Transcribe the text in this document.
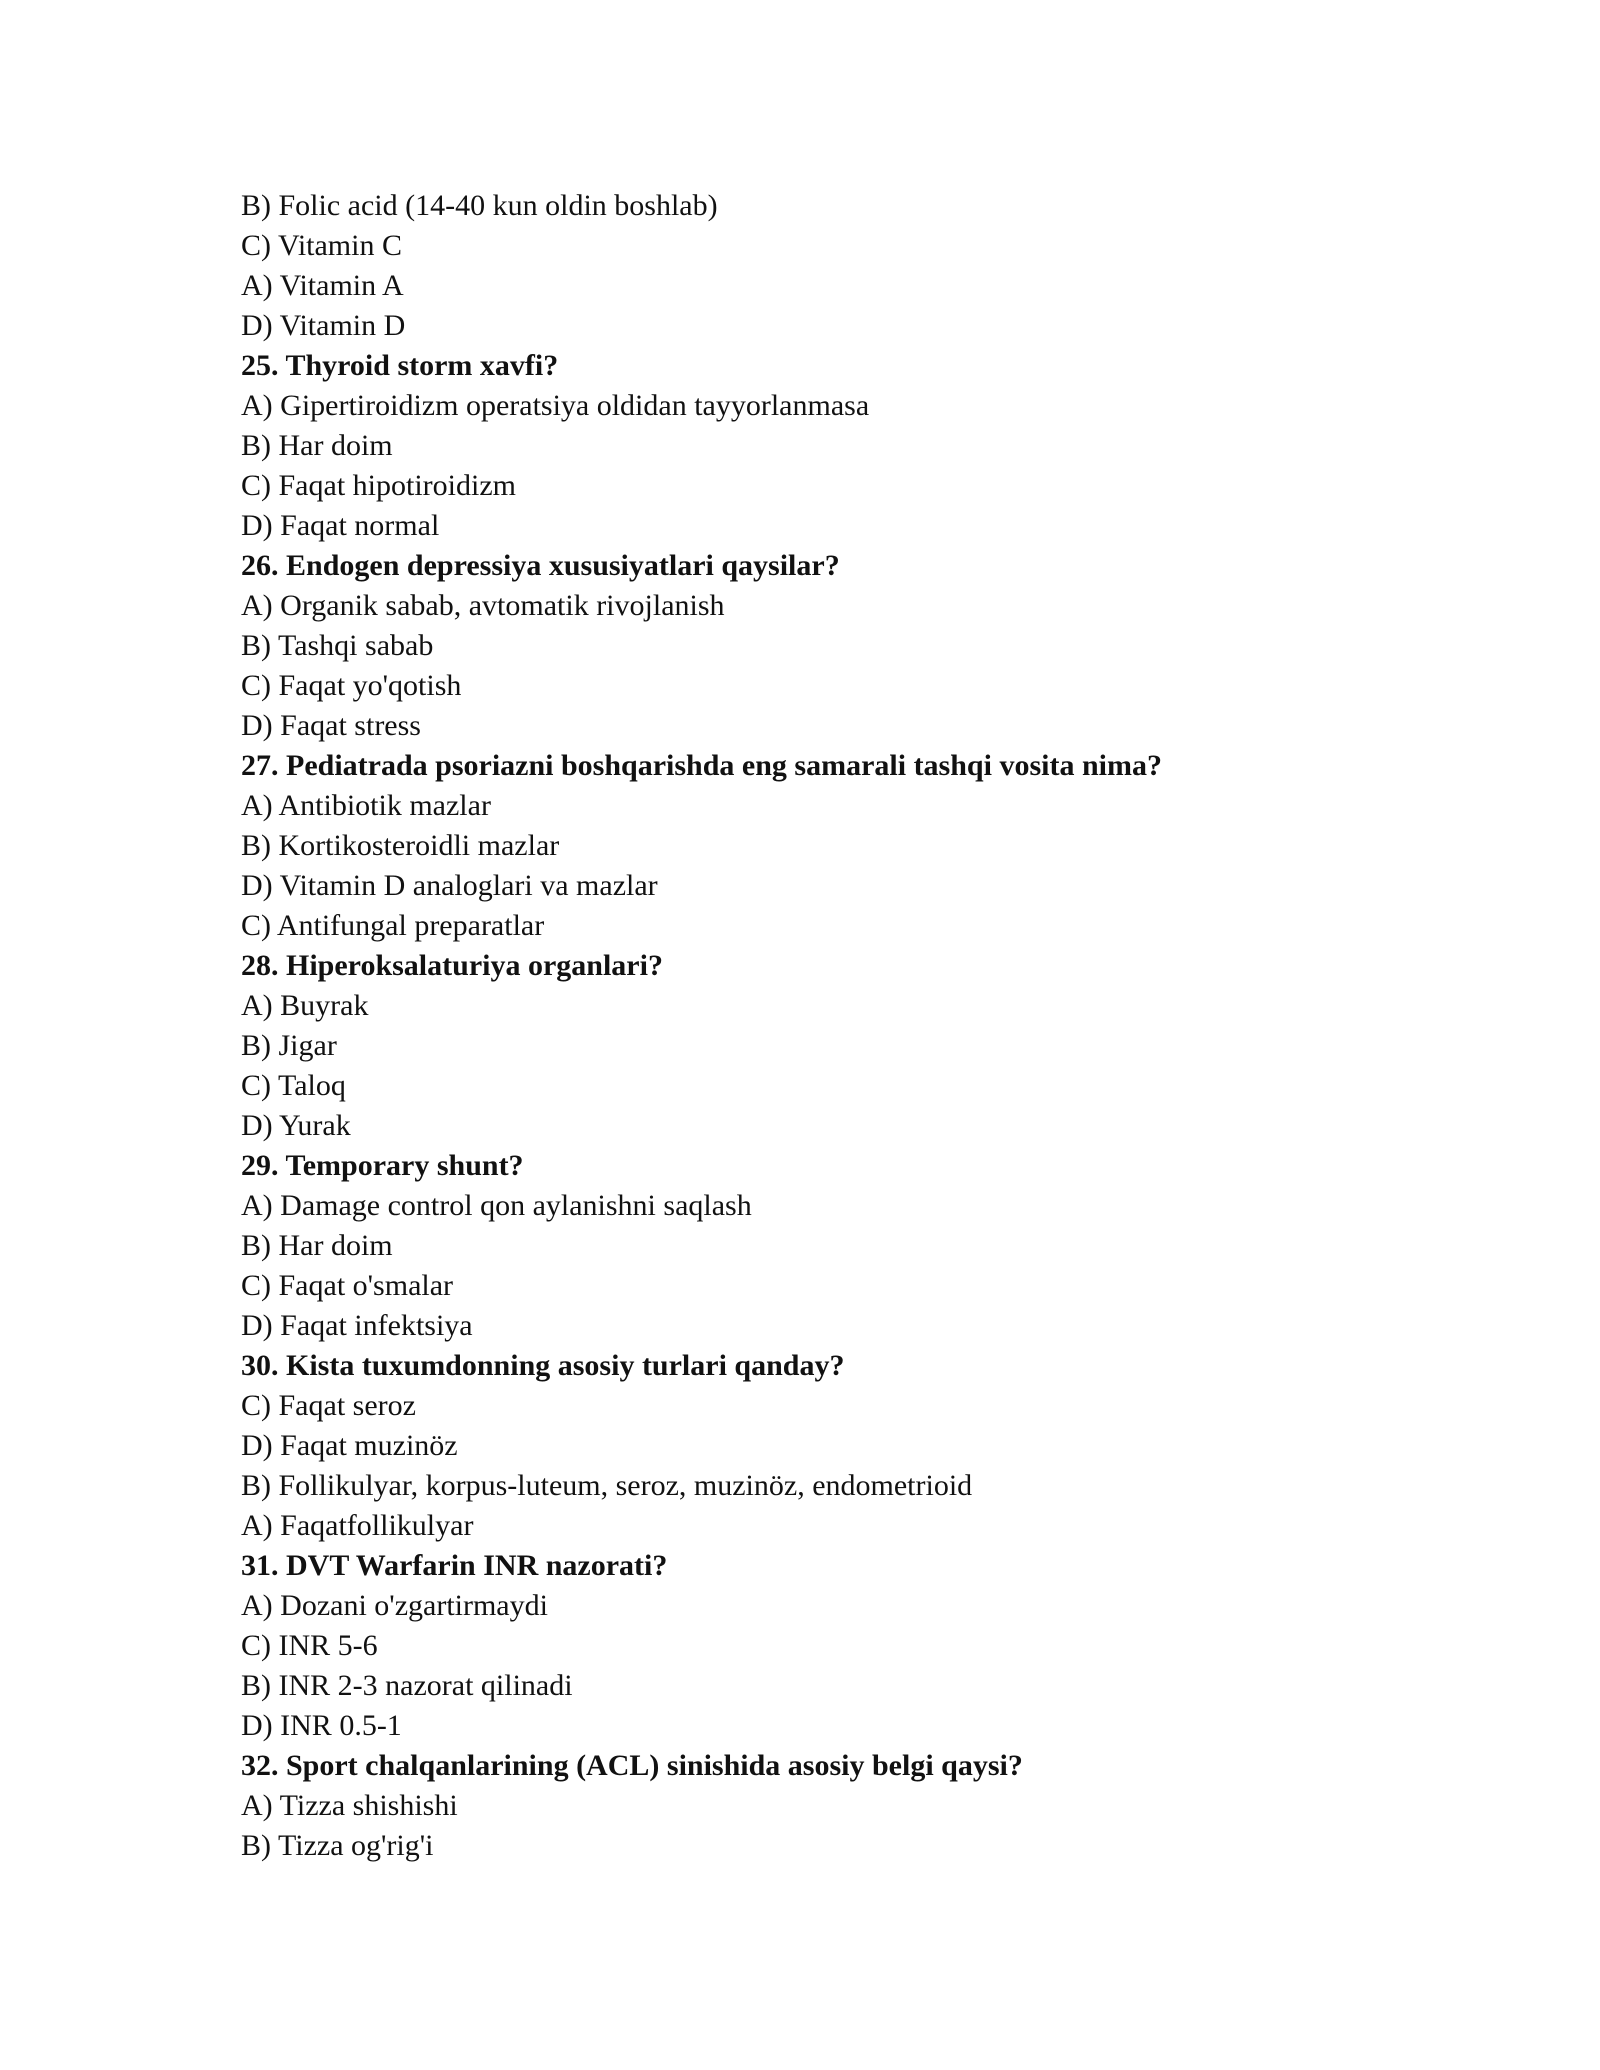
B) Folic acid (14-40 kun oldin boshlab)
C) Vitamin C
A) Vitamin A
D) Vitamin D
25. Thyroid storm xavfi?
A) Gipertiroidizm operatsiya oldidan tayyorlanmasa
B) Har doim
C) Faqat hipotiroidizm
D) Faqat normal
26. Endogen depressiya xususiyatlari qaysilar?
A) Organik sabab, avtomatik rivojlanish
B) Tashqi sabab
C) Faqat yo'qotish
D) Faqat stress
27. Pediatrada psoriazni boshqarishda eng samarali tashqi vosita nima?
A) Antibiotik mazlar
B) Kortikosteroidli mazlar
D) Vitamin D analoglari va mazlar
C) Antifungal preparatlar
28. Hiperoksalaturiya organlari?
A) Buyrak
B) Jigar
C) Taloq
D) Yurak
29. Temporary shunt?
A) Damage control qon aylanishni saqlash
B) Har doim
C) Faqat o'smalar
D) Faqat infektsiya
30. Kista tuxumdonning asosiy turlari qanday?
C) Faqat seroz
D) Faqat muzinöz
B) Follikulyar, korpus-luteum, seroz, muzinöz, endometrioid
A) Faqatfollikulyar
31. DVT Warfarin INR nazorati?
A) Dozani o'zgartirmaydi
C) INR 5-6
B) INR 2-3 nazorat qilinadi
D) INR 0.5-1
32. Sport chalqanlarining (ACL) sinishida asosiy belgi qaysi?
A) Tizza shishishi
B) Tizza og'rig'i
